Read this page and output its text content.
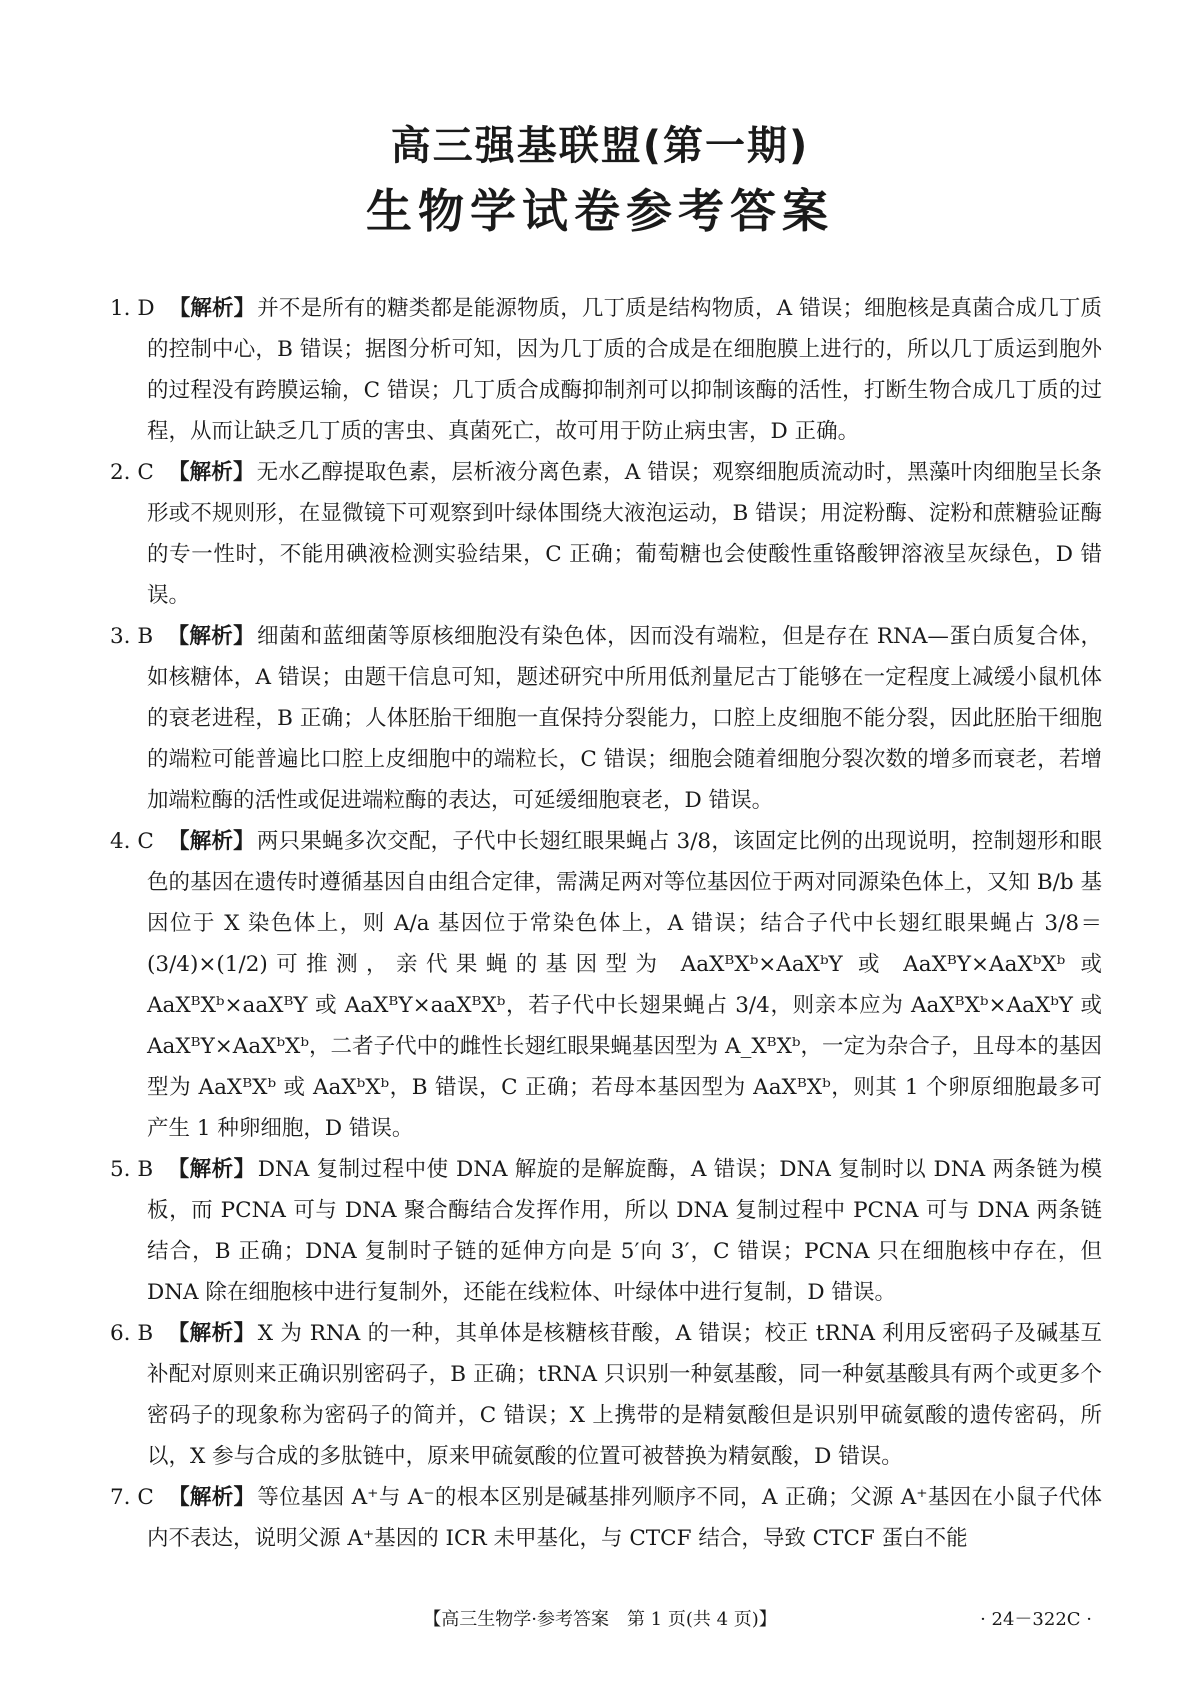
高三强基联盟(第一期)
生物学试卷参考答案
1. D 【解析】并不是所有的糖类都是能源物质，几丁质是结构物质，A 错误；细胞核是真菌合成几丁质的控制中心，B 错误；据图分析可知，因为几丁质的合成是在细胞膜上进行的，所以几丁质运到胞外的过程没有跨膜运输，C 错误；几丁质合成酶抑制剂可以抑制该酶的活性，打断生物合成几丁质的过程，从而让缺乏几丁质的害虫、真菌死亡，故可用于防止病虫害，D 正确。
2. C 【解析】无水乙醇提取色素，层析液分离色素，A 错误；观察细胞质流动时，黑藻叶肉细胞呈长条形或不规则形，在显微镜下可观察到叶绿体围绕大液泡运动，B 错误；用淀粉酶、淀粉和蔗糖验证酶的专一性时，不能用碘液检测实验结果，C 正确；葡萄糖也会使酸性重铬酸钾溶液呈灰绿色，D 错误。
3. B 【解析】细菌和蓝细菌等原核细胞没有染色体，因而没有端粒，但是存在 RNA—蛋白质复合体，如核糖体，A 错误；由题干信息可知，题述研究中所用低剂量尼古丁能够在一定程度上减缓小鼠机体的衰老进程，B 正确；人体胚胎干细胞一直保持分裂能力，口腔上皮细胞不能分裂，因此胚胎干细胞的端粒可能普遍比口腔上皮细胞中的端粒长，C 错误；细胞会随着细胞分裂次数的增多而衰老，若增加端粒酶的活性或促进端粒酶的表达，可延缓细胞衰老，D 错误。
4. C 【解析】两只果蝇多次交配，子代中长翅红眼果蝇占 3/8，该固定比例的出现说明，控制翅形和眼色的基因在遗传时遵循基因自由组合定律，需满足两对等位基因位于两对同源染色体上，又知 B/b 基因位于 X 染色体上，则 A/a 基因位于常染色体上，A 错误；结合子代中长翅红眼果蝇占 3/8＝(3/4)×(1/2)可推测，亲代果蝇的基因型为 AaXᴮXᵇ×AaXᵇY 或 AaXᴮY×AaXᵇXᵇ 或 AaXᴮXᵇ×aaXᴮY 或 AaXᴮY×aaXᴮXᵇ，若子代中长翅果蝇占 3/4，则亲本应为 AaXᴮXᵇ×AaXᵇY 或 AaXᴮY×AaXᵇXᵇ，二者子代中的雌性长翅红眼果蝇基因型为 A_XᴮXᵇ，一定为杂合子，且母本的基因型为 AaXᴮXᵇ 或 AaXᵇXᵇ，B 错误，C 正确；若母本基因型为 AaXᴮXᵇ，则其 1 个卵原细胞最多可产生 1 种卵细胞，D 错误。
5. B 【解析】DNA 复制过程中使 DNA 解旋的是解旋酶，A 错误；DNA 复制时以 DNA 两条链为模板，而 PCNA 可与 DNA 聚合酶结合发挥作用，所以 DNA 复制过程中 PCNA 可与 DNA 两条链结合，B 正确；DNA 复制时子链的延伸方向是 5′向 3′，C 错误；PCNA 只在细胞核中存在，但 DNA 除在细胞核中进行复制外，还能在线粒体、叶绿体中进行复制，D 错误。
6. B 【解析】X 为 RNA 的一种，其单体是核糖核苷酸，A 错误；校正 tRNA 利用反密码子及碱基互补配对原则来正确识别密码子，B 正确；tRNA 只识别一种氨基酸，同一种氨基酸具有两个或更多个密码子的现象称为密码子的简并，C 错误；X 上携带的是精氨酸但是识别甲硫氨酸的遗传密码，所以，X 参与合成的多肽链中，原来甲硫氨酸的位置可被替换为精氨酸，D 错误。
7. C 【解析】等位基因 A⁺与 A⁻的根本区别是碱基排列顺序不同，A 正确；父源 A⁺基因在小鼠子代体内不表达，说明父源 A⁺基因的 ICR 未甲基化，与 CTCF 结合，导致 CTCF 蛋白不能
【高三生物学·参考答案　第 1 页(共 4 页)】	· 24－322C ·
